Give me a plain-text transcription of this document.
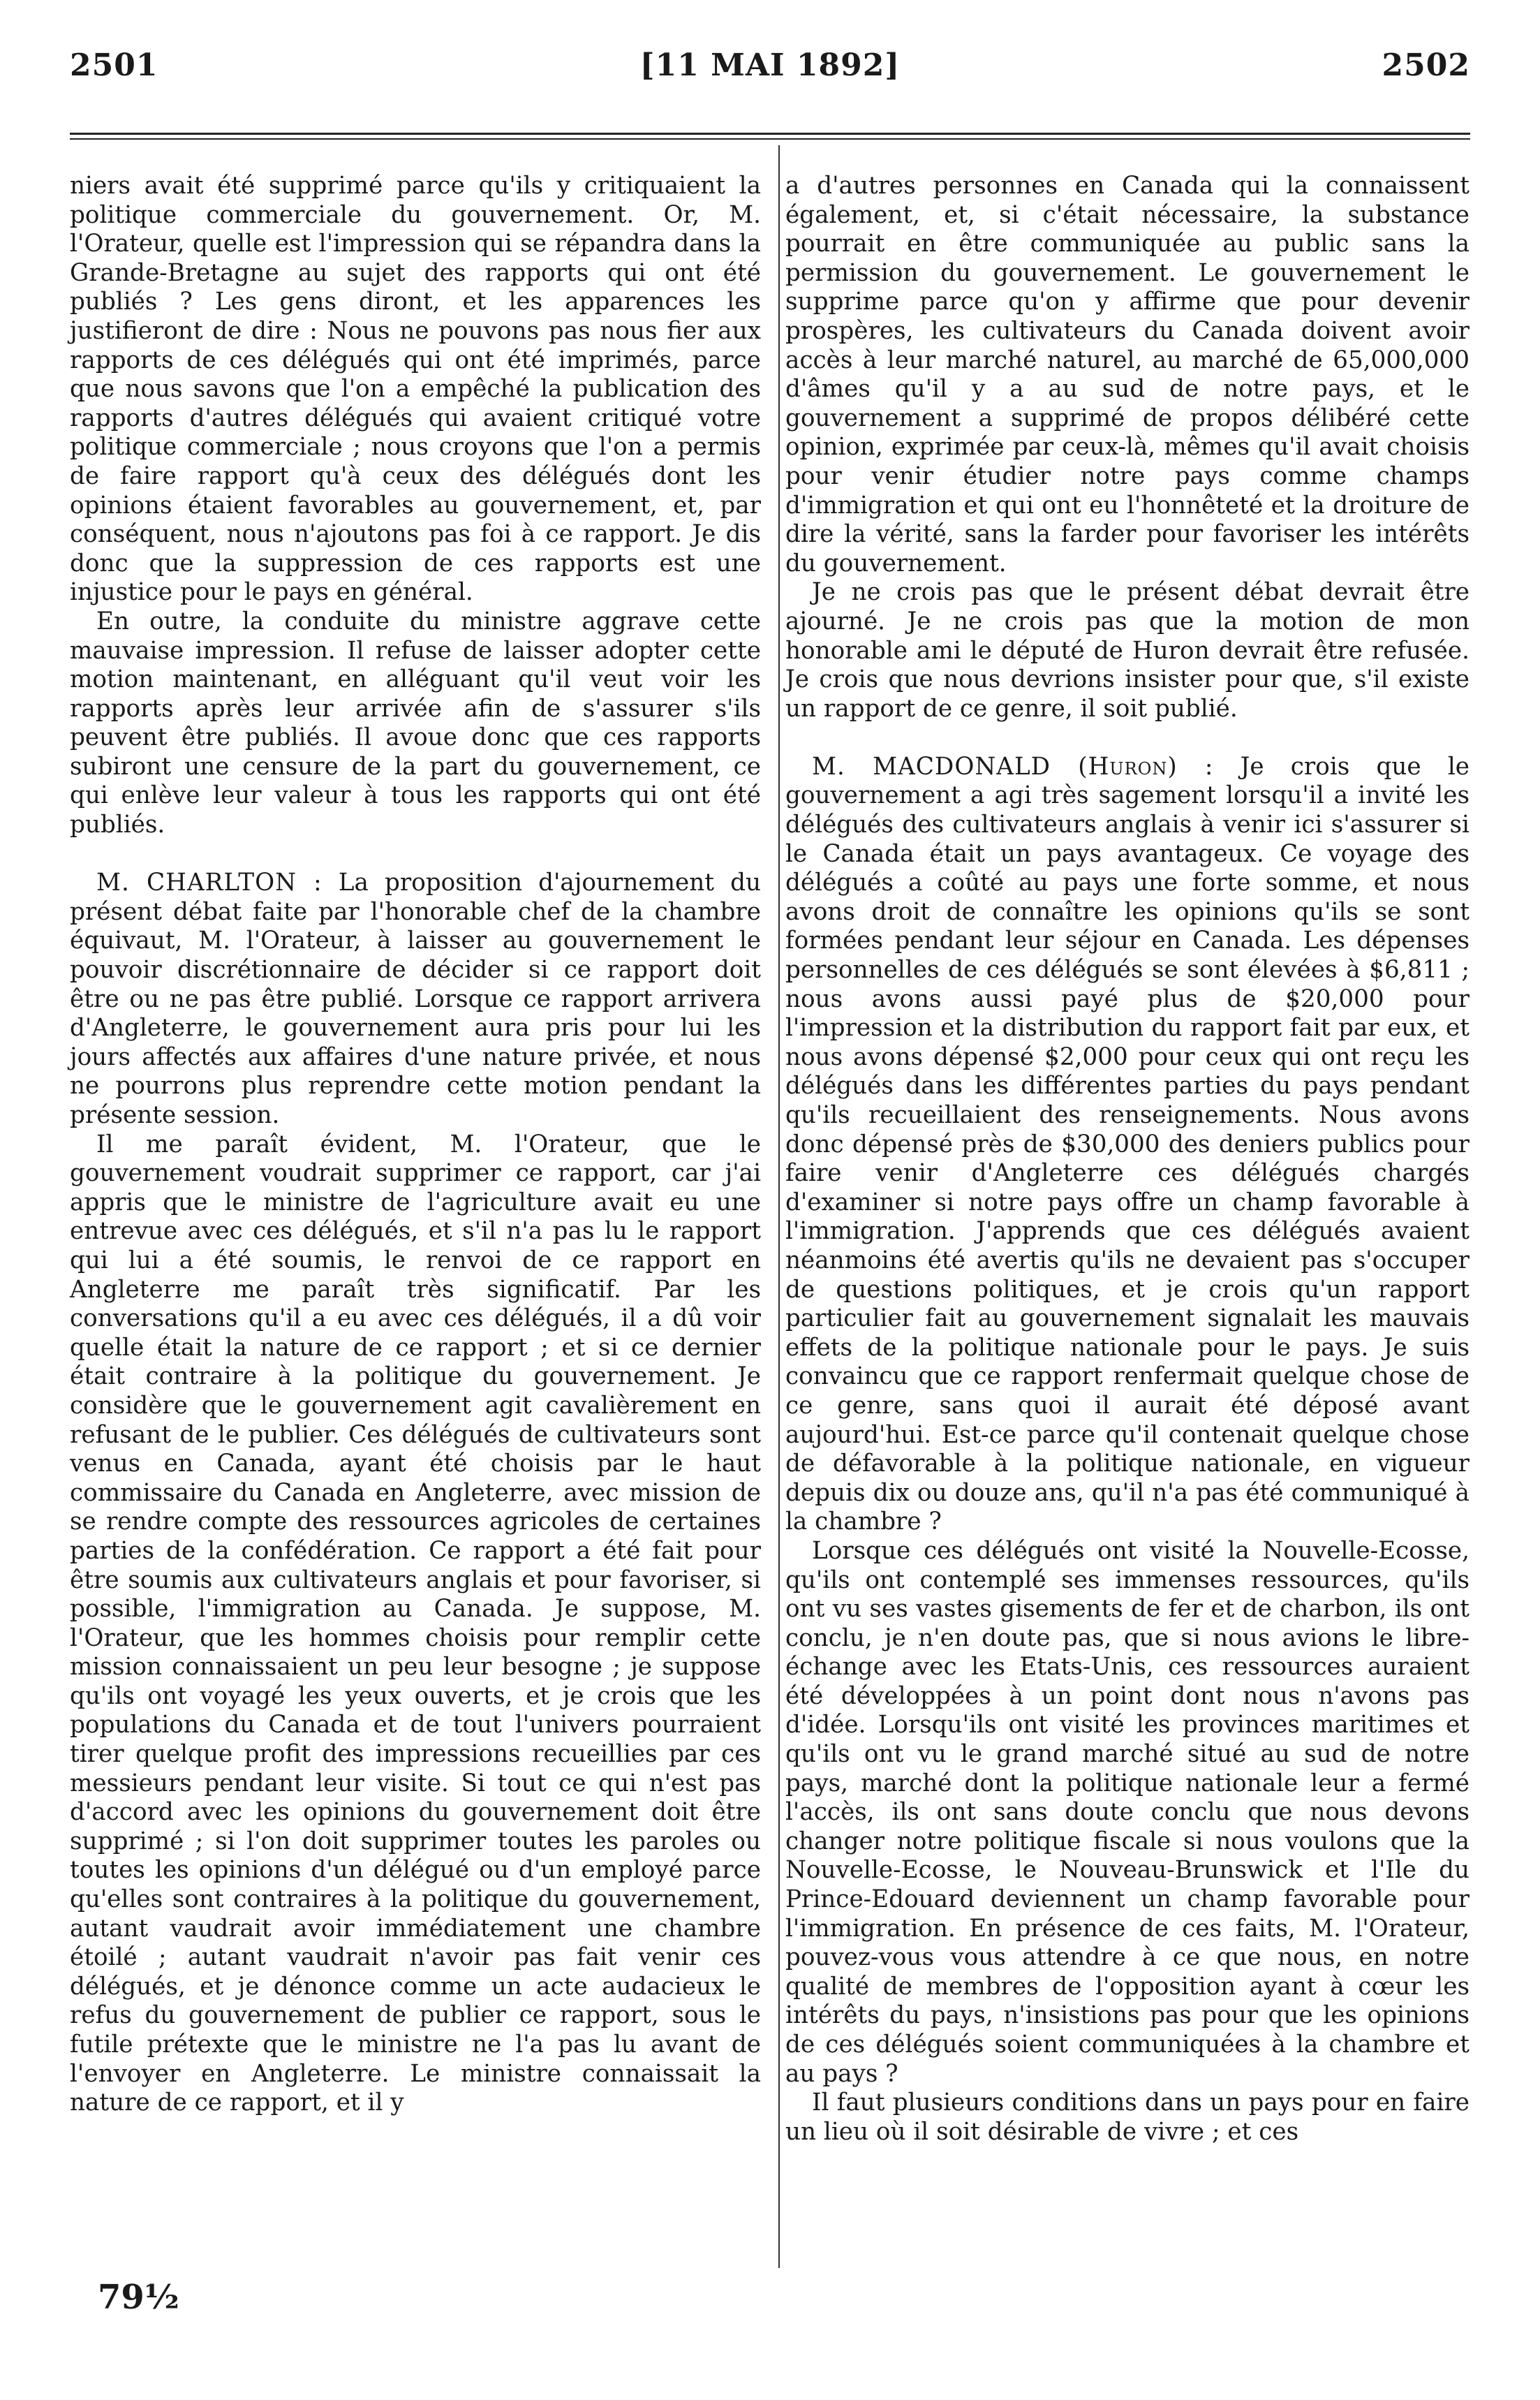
2501	[11 MAI 1892]	2502

niers avait été supprimé parce qu'ils y critiquaient la politique commerciale du gouvernement. Or, M. l'Orateur, quelle est l'impression qui se répandra dans la Grande-Bretagne au sujet des rapports qui ont été publiés ? Les gens diront, et les apparences les justifieront de dire : Nous ne pouvons pas nous fier aux rapports de ces délégués qui ont été imprimés, parce que nous savons que l'on a empêché la publication des rapports d'autres délégués qui avaient critiqué votre politique commerciale ; nous croyons que l'on a permis de faire rapport qu'à ceux des délégués dont les opinions étaient favorables au gouvernement, et, par conséquent, nous n'ajoutons pas foi à ce rapport. Je dis donc que la suppression de ces rapports est une injustice pour le pays en général.

En outre, la conduite du ministre aggrave cette mauvaise impression. Il refuse de laisser adopter cette motion maintenant, en alléguant qu'il veut voir les rapports après leur arrivée afin de s'assurer s'ils peuvent être publiés. Il avoue donc que ces rapports subiront une censure de la part du gouvernement, ce qui enlève leur valeur à tous les rapports qui ont été publiés.

M. CHARLTON : La proposition d'ajournement du présent débat faite par l'honorable chef de la chambre équivaut, M. l'Orateur, à laisser au gouvernement le pouvoir discrétionnaire de décider si ce rapport doit être ou ne pas être publié. Lorsque ce rapport arrivera d'Angleterre, le gouvernement aura pris pour lui les jours affectés aux affaires d'une nature privée, et nous ne pourrons plus reprendre cette motion pendant la présente session.

Il me paraît évident, M. l'Orateur, que le gouvernement voudrait supprimer ce rapport, car j'ai appris que le ministre de l'agriculture avait eu une entrevue avec ces délégués, et s'il n'a pas lu le rapport qui lui a été soumis, le renvoi de ce rapport en Angleterre me paraît très significatif. Par les conversations qu'il a eu avec ces délégués, il a dû voir quelle était la nature de ce rapport ; et si ce dernier était contraire à la politique du gouvernement. Je considère que le gouvernement agit cavalièrement en refusant de le publier. Ces délégués de cultivateurs sont venus en Canada, ayant été choisis par le haut commissaire du Canada en Angleterre, avec mission de se rendre compte des ressources agricoles de certaines parties de la confédération. Ce rapport a été fait pour être soumis aux cultivateurs anglais et pour favoriser, si possible, l'immigration au Canada. Je suppose, M. l'Orateur, que les hommes choisis pour remplir cette mission connaissaient un peu leur besogne ; je suppose qu'ils ont voyagé les yeux ouverts, et je crois que les populations du Canada et de tout l'univers pourraient tirer quelque profit des impressions recueillies par ces messieurs pendant leur visite. Si tout ce qui n'est pas d'accord avec les opinions du gouvernement doit être supprimé ; si l'on doit supprimer toutes les paroles ou toutes les opinions d'un délégué ou d'un employé parce qu'elles sont contraires à la politique du gouvernement, autant vaudrait avoir immédiatement une chambre étoilé ; autant vaudrait n'avoir pas fait venir ces délégués, et je dénonce comme un acte audacieux le refus du gouvernement de publier ce rapport, sous le futile prétexte que le ministre ne l'a pas lu avant de l'envoyer en Angleterre. Le ministre connaissait la nature de ce rapport, et il y

a d'autres personnes en Canada qui la connaissent également, et, si c'était nécessaire, la substance pourrait en être communiquée au public sans la permission du gouvernement. Le gouvernement le supprime parce qu'on y affirme que pour devenir prospères, les cultivateurs du Canada doivent avoir accès à leur marché naturel, au marché de 65,000,000 d'âmes qu'il y a au sud de notre pays, et le gouvernement a supprimé de propos délibéré cette opinion, exprimée par ceux-là, mêmes qu'il avait choisis pour venir étudier notre pays comme champs d'immigration et qui ont eu l'honnêteté et la droiture de dire la vérité, sans la farder pour favoriser les intérêts du gouvernement.

Je ne crois pas que le présent débat devrait être ajourné. Je ne crois pas que la motion de mon honorable ami le député de Huron devrait être refusée. Je crois que nous devrions insister pour que, s'il existe un rapport de ce genre, il soit publié.

M. MACDONALD (Huron) : Je crois que le gouvernement a agi très sagement lorsqu'il a invité les délégués des cultivateurs anglais à venir ici s'assurer si le Canada était un pays avantageux. Ce voyage des délégués a coûté au pays une forte somme, et nous avons droit de connaître les opinions qu'ils se sont formées pendant leur séjour en Canada. Les dépenses personnelles de ces délégués se sont élevées à $6,811 ; nous avons aussi payé plus de $20,000 pour l'impression et la distribution du rapport fait par eux, et nous avons dépensé $2,000 pour ceux qui ont reçu les délégués dans les différentes parties du pays pendant qu'ils recueillaient des renseignements. Nous avons donc dépensé près de $30,000 des deniers publics pour faire venir d'Angleterre ces délégués chargés d'examiner si notre pays offre un champ favorable à l'immigration. J'apprends que ces délégués avaient néanmoins été avertis qu'ils ne devaient pas s'occuper de questions politiques, et je crois qu'un rapport particulier fait au gouvernement signalait les mauvais effets de la politique nationale pour le pays. Je suis convaincu que ce rapport renfermait quelque chose de ce genre, sans quoi il aurait été déposé avant aujourd'hui. Est-ce parce qu'il contenait quelque chose de défavorable à la politique nationale, en vigueur depuis dix ou douze ans, qu'il n'a pas été communiqué à la chambre ?

Lorsque ces délégués ont visité la Nouvelle-Ecosse, qu'ils ont contemplé ses immenses ressources, qu'ils ont vu ses vastes gisements de fer et de charbon, ils ont conclu, je n'en doute pas, que si nous avions le libre-échange avec les Etats-Unis, ces ressources auraient été développées à un point dont nous n'avons pas d'idée. Lorsqu'ils ont visité les provinces maritimes et qu'ils ont vu le grand marché situé au sud de notre pays, marché dont la politique nationale leur a fermé l'accès, ils ont sans doute conclu que nous devons changer notre politique fiscale si nous voulons que la Nouvelle-Ecosse, le Nouveau-Brunswick et l'Ile du Prince-Edouard deviennent un champ favorable pour l'immigration. En présence de ces faits, M. l'Orateur, pouvez-vous vous attendre à ce que nous, en notre qualité de membres de l'opposition ayant à cœur les intérêts du pays, n'insistions pas pour que les opinions de ces délégués soient communiquées à la chambre et au pays ?

Il faut plusieurs conditions dans un pays pour en faire un lieu où il soit désirable de vivre ; et ces

79½
